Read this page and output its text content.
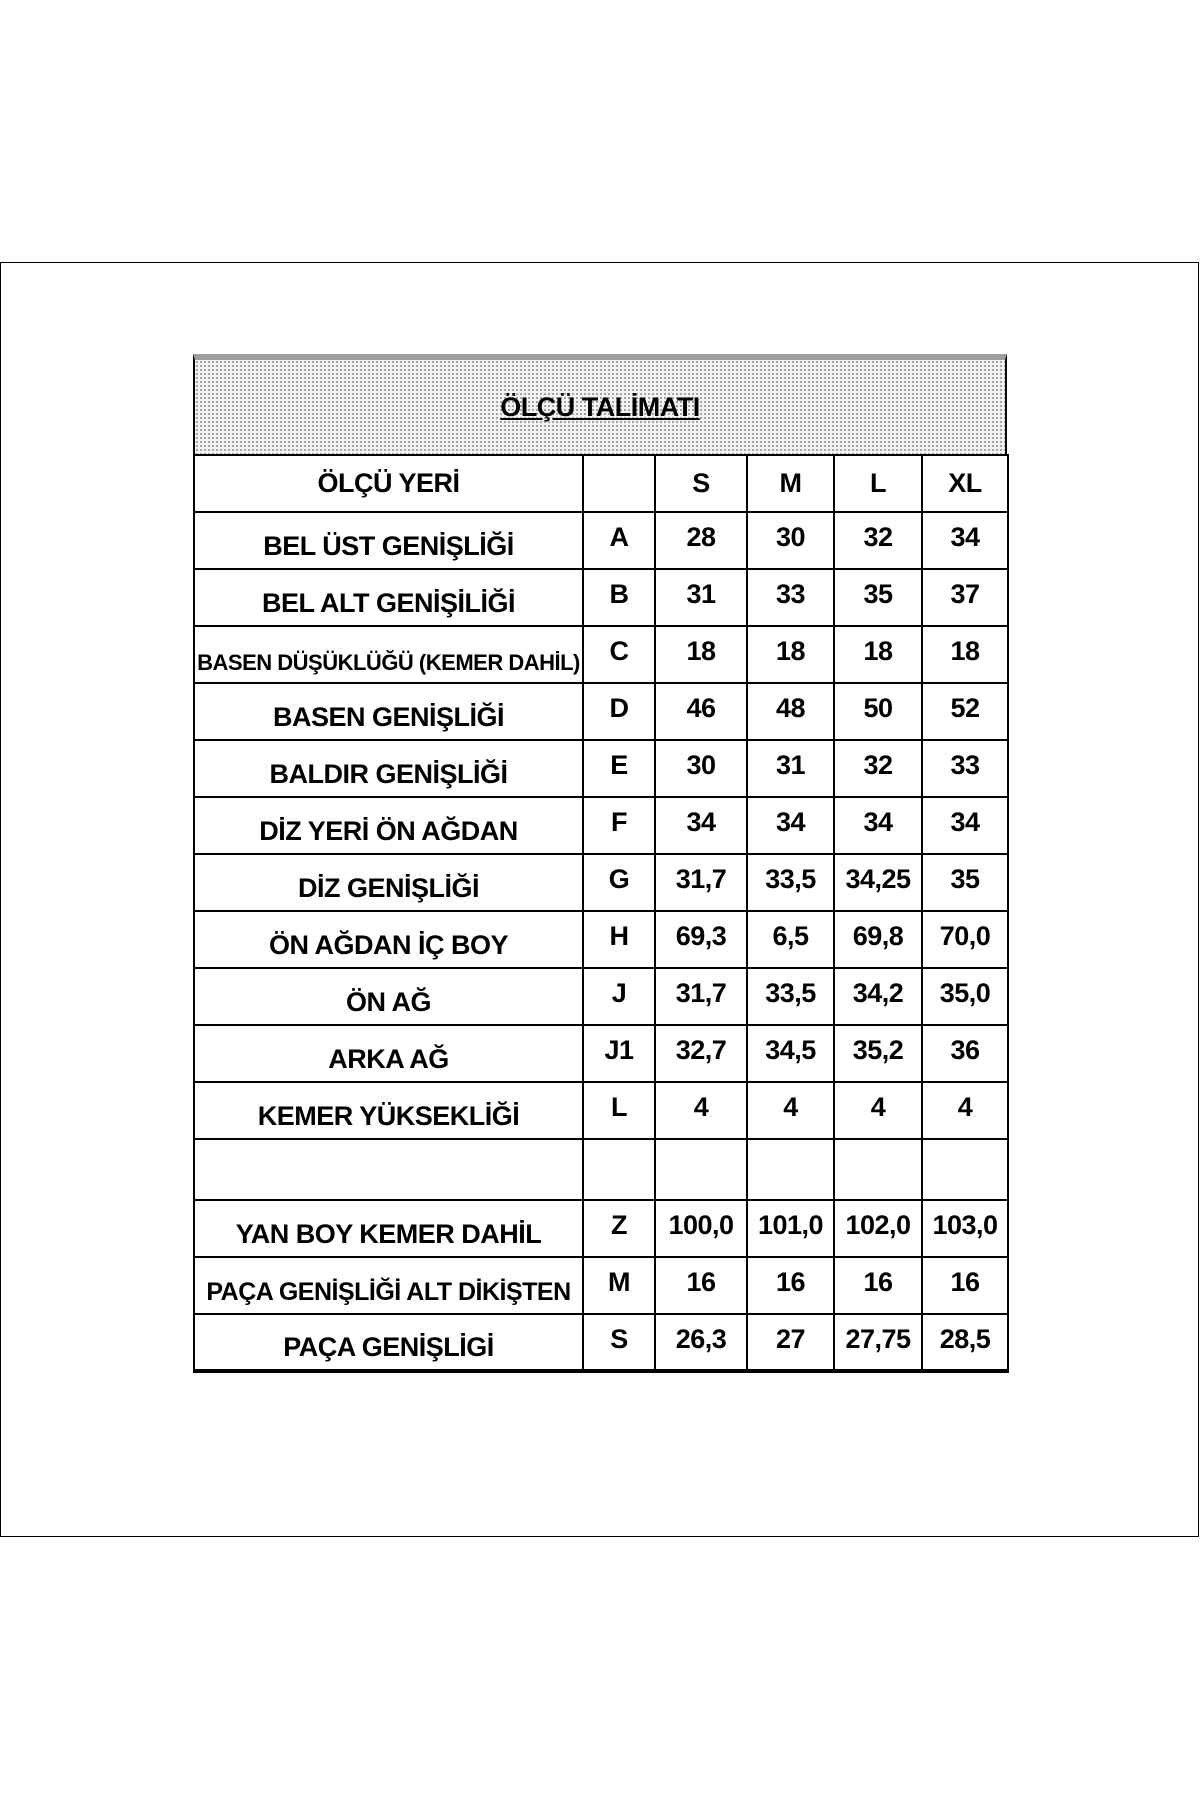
ÖLÇÜ TALİMATI
ÖLÇÜ YERİ		S	M	L	XL
BEL ÜST GENİŞLİĞİ	A	28	30	32	34
BEL ALT GENİŞİLİĞİ	B	31	33	35	37
BASEN DÜŞÜKLÜĞÜ (KEMER DAHİL)	C	18	18	18	18
BASEN GENİŞLİĞİ	D	46	48	50	52
BALDIR GENİŞLİĞİ	E	30	31	32	33
DİZ YERİ ÖN AĞDAN	F	34	34	34	34
DİZ GENİŞLİĞİ	G	31,7	33,5	34,25	35
ÖN AĞDAN İÇ BOY	H	69,3	6,5	69,8	70,0
ÖN AĞ	J	31,7	33,5	34,2	35,0
ARKA AĞ	J1	32,7	34,5	35,2	36
KEMER YÜKSEKLİĞİ	L	4	4	4	4

YAN BOY KEMER DAHİL	Z	100,0	101,0	102,0	103,0
PAÇA GENİŞLİĞİ ALT DİKİŞTEN	M	16	16	16	16
PAÇA GENİŞLİGİ	S	26,3	27	27,75	28,5
